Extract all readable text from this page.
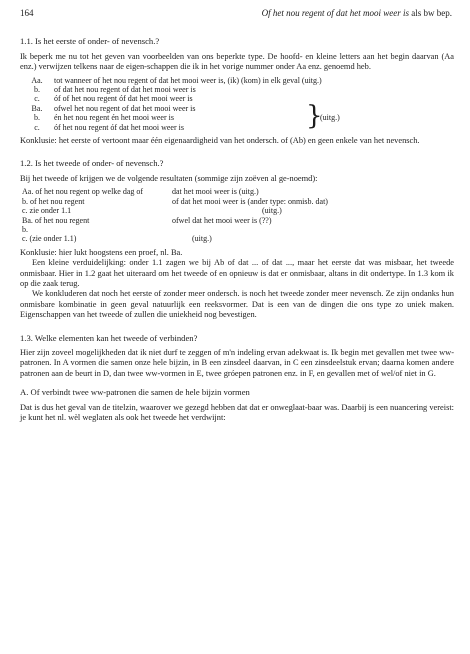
164	Of het nou regent of dat het mooi weer is als bw bep.
1.1. Is het eerste of onder- of nevensch.?

Ik beperk me nu tot het geven van voorbeelden van ons beperkte type. De hoofd- en kleine letters aan het begin daarvan (Aa enz.) verwijzen telkens naar de eigen-schappen die ik in het vorige nummer onder Aa enz. genoemd heb.

Aa.	tot wanneer of het nou regent of dat het mooi weer is, (ik) (kom) in elk geval (uitg.)
b.	of dat het nou regent of dat het mooi weer is
c.	óf of het nou regent óf dat het mooi weer is
Ba.	ofwel het nou regent of dat het mooi weer is
b.	én het nou regent én het mooi weer is
c.	óf het nou regent óf dat het mooi weer is	}
(uitg.)

Konklusie: het eerste of vertoont maar één eigenaardigheid van het ondersch. of (Ab) en geen enkele van het nevensch.

1.2. Is het tweede of onder- of nevensch.?

Bij het tweede of krijgen we de volgende resultaten (sommige zijn zoëven al ge-noemd):

Aa. of het nou regent op welke dag of	dat het mooi weer is (uitg.)
b. of het nou regent	of dat het mooi weer is (ander type: onmisb. dat)
c. zie onder 1.1	(uitg.)
Ba. of het nou regent	ofwel dat het mooi weer is (??)
b.
c. (zie onder 1.1)	(uitg.)

Konklusie: hier lukt hoogstens een proef, nl. Ba.

Een kleine verduidelijking: onder 1.1 zagen we bij Ab of dat ... of dat ..., maar het eerste dat was misbaar, het tweede onmisbaar. Hier in 1.2 gaat het uiteraard om het tweede of en opnieuw is dat er onmisbaar, altans in dit ondertype. In 1.3 kom ik op die zaak terug.

We konkluderen dat noch het eerste of zonder meer ondersch. is noch het tweede zonder meer nevensch. Ze zijn ondanks hun onmisbare kombinatie in geen geval natuurlijk een reeksvormer. Dat is een van de dingen die ons type zo uniek maken. Eigenschappen van het tweede of zullen die uniekheid nog bevestigen.

1.3. Welke elementen kan het tweede of verbinden?

Hier zijn zoveel mogelijkheden dat ik niet durf te zeggen of m'n indeling ervan adekwaat is. Ik begin met gevallen met twee ww-patronen. In A vormen die samen onze hele bijzin, in B een zinsdeel daarvan, in C een zinsdeelstuk ervan; daarna komen andere patronen aan de beurt in D, dan twee ww-vormen in E, twee gróepen patronen enz. in F, en gevallen met of wel/of niet in G.

A. Of verbindt twee ww-patronen die samen de hele bijzin vormen

Dat is dus het geval van de titelzin, waarover we gezegd hebben dat dat er onweglaat-baar was. Daarbij is een nuancering vereist: je kunt het nl. wèl weglaten als ook het tweede het verdwijnt:
